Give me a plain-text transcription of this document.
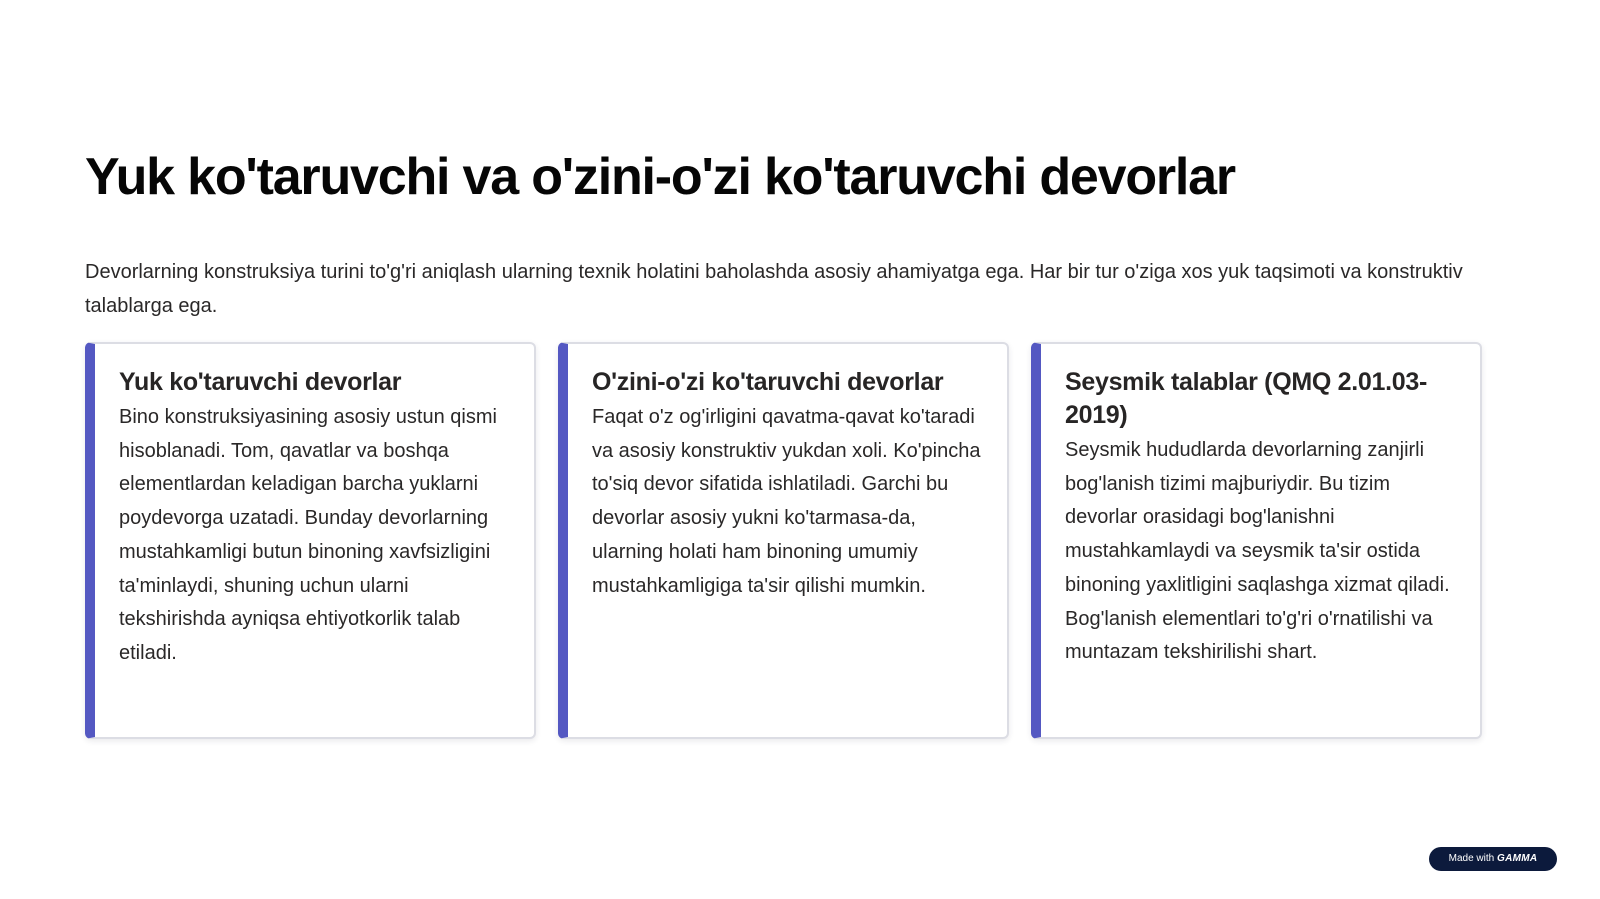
Yuk ko'taruvchi va o'zini-o'zi ko'taruvchi devorlar

Devorlarning konstruksiya turini to'g'ri aniqlash ularning texnik holatini baholashda asosiy ahamiyatga ega. Har bir tur o'ziga xos yuk taqsimoti va konstruktiv talablarga ega.

Yuk ko'taruvchi devorlar

Bino konstruksiyasining asosiy ustun qismi hisoblanadi. Tom, qavatlar va boshqa elementlardan keladigan barcha yuklarni poydevorga uzatadi. Bunday devorlarning mustahkamligi butun binoning xavfsizligini ta'minlaydi, shuning uchun ularni tekshirishda ayniqsa ehtiyotkorlik talab etiladi.

O'zini-o'zi ko'taruvchi devorlar

Faqat o'z og'irligini qavatma-qavat ko'taradi va asosiy konstruktiv yukdan xoli. Ko'pincha to'siq devor sifatida ishlatiladi. Garchi bu devorlar asosiy yukni ko'tarmasa-da, ularning holati ham binoning umumiy mustahkamligiga ta'sir qilishi mumkin.

Seysmik talablar (QMQ 2.01.03-2019)

Seysmik hududlarda devorlarning zanjirli bog'lanish tizimi majburiydir. Bu tizim devorlar orasidagi bog'lanishni mustahkamlaydi va seysmik ta'sir ostida binoning yaxlitligini saqlashga xizmat qiladi. Bog'lanish elementlari to'g'ri o'rnatilishi va muntazam tekshirilishi shart.

Made with GAMMA
